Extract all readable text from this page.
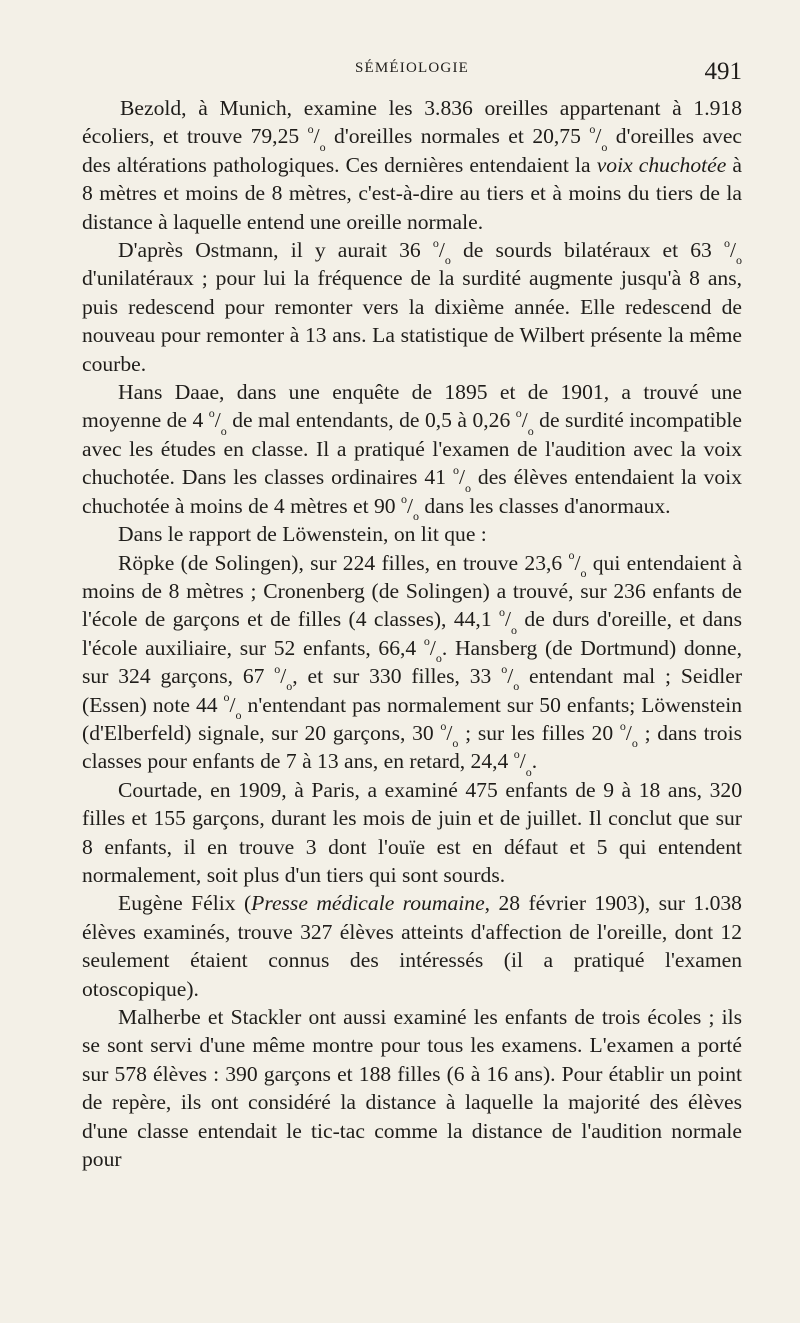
SÉMÉIOLOGIE	491

Bezold, à Munich, examine les 3.836 oreilles appartenant à 1.918 écoliers, et trouve 79,25 $^o/_o$ d'oreilles normales et 20,75 $^o/_o$ d'oreilles avec des altérations pathologiques. Ces dernières entendaient la voix chuchotée à 8 mètres et moins de 8 mètres, c'est-à-dire au tiers et à moins du tiers de la distance à laquelle entend une oreille normale.

D'après Ostmann, il y aurait 36 $^o/_o$ de sourds bilatéraux et 63 $^o/_o$ d'unilatéraux ; pour lui la fréquence de la surdité augmente jusqu'à 8 ans, puis redescend pour remonter vers la dixième année. Elle redescend de nouveau pour remonter à 13 ans. La statistique de Wilbert présente la même courbe.

Hans Daae, dans une enquête de 1895 et de 1901, a trouvé une moyenne de 4 $^o/_o$ de mal entendants, de 0,5 à 0,26 $^o/_o$ de surdité incompatible avec les études en classe. Il a pratiqué l'examen de l'audition avec la voix chuchotée. Dans les classes ordinaires 41 $^o/_o$ des élèves entendaient la voix chuchotée à moins de 4 mètres et 90 $^o/_o$ dans les classes d'anormaux.

Dans le rapport de Löwenstein, on lit que :

Röpke (de Solingen), sur 224 filles, en trouve 23,6 $^o/_o$ qui entendaient à moins de 8 mètres ; Cronenberg (de Solingen) a trouvé, sur 236 enfants de l'école de garçons et de filles (4 classes), 44,1 $^o/_o$ de durs d'oreille, et dans l'école auxiliaire, sur 52 enfants, 66,4 $^o/_o$. Hansberg (de Dortmund) donne, sur 324 garçons, 67 $^o/_o$, et sur 330 filles, 33 $^o/_o$ entendant mal ; Seidler (Essen) note 44 $^o/_o$ n'entendant pas normalement sur 50 enfants; Löwenstein (d'Elberfeld) signale, sur 20 garçons, 30 $^o/_o$ ; sur les filles 20 $^o/_o$ ; dans trois classes pour enfants de 7 à 13 ans, en retard, 24,4 $^o/_o$.

Courtade, en 1909, à Paris, a examiné 475 enfants de 9 à 18 ans, 320 filles et 155 garçons, durant les mois de juin et de juillet. Il conclut que sur 8 enfants, il en trouve 3 dont l'ouïe est en défaut et 5 qui entendent normalement, soit plus d'un tiers qui sont sourds.

Eugène Félix (Presse médicale roumaine, 28 février 1903), sur 1.038 élèves examinés, trouve 327 élèves atteints d'affection de l'oreille, dont 12 seulement étaient connus des intéressés (il a pratiqué l'examen otoscopique).

Malherbe et Stackler ont aussi examiné les enfants de trois écoles ; ils se sont servi d'une même montre pour tous les examens. L'examen a porté sur 578 élèves : 390 garçons et 188 filles (6 à 16 ans). Pour établir un point de repère, ils ont considéré la distance à laquelle la majorité des élèves d'une classe entendait le tic-tac comme la distance de l'audition normale pour
